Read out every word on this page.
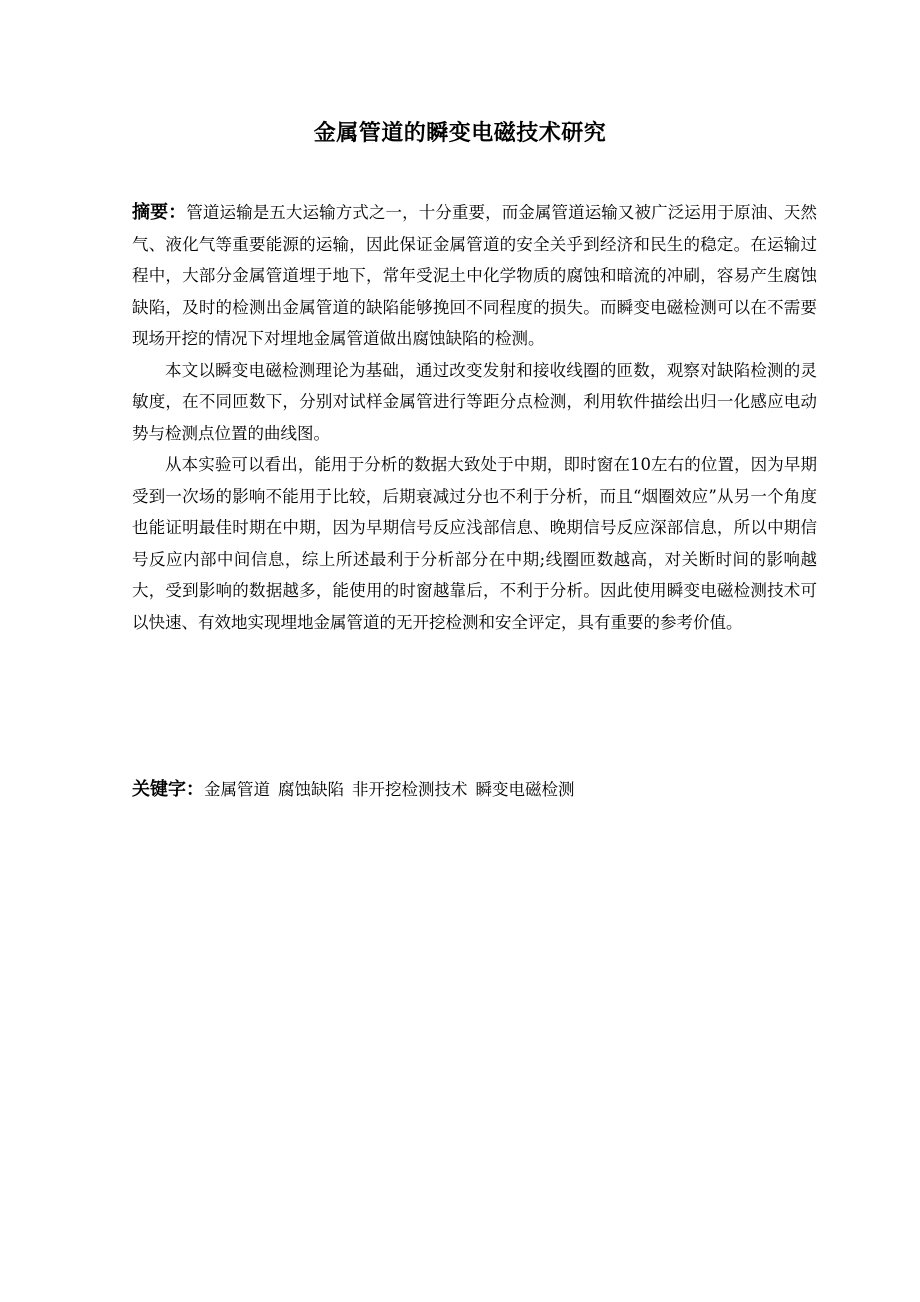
金属管道的瞬变电磁技术研究

摘要：管道运输是五大运输方式之一，十分重要，而金属管道运输又被广泛运用于原油、天然气、液化气等重要能源的运输，因此保证金属管道的安全关乎到经济和民生的稳定。在运输过程中，大部分金属管道埋于地下，常年受泥土中化学物质的腐蚀和暗流的冲刷，容易产生腐蚀缺陷，及时的检测出金属管道的缺陷能够挽回不同程度的损失。而瞬变电磁检测可以在不需要现场开挖的情况下对埋地金属管道做出腐蚀缺陷的检测。

本文以瞬变电磁检测理论为基础，通过改变发射和接收线圈的匝数，观察对缺陷检测的灵敏度，在不同匝数下，分别对试样金属管进行等距分点检测，利用软件描绘出归一化感应电动势与检测点位置的曲线图。

从本实验可以看出，能用于分析的数据大致处于中期，即时窗在10左右的位置，因为早期受到一次场的影响不能用于比较，后期衰减过分也不利于分析，而且“烟圈效应”从另一个角度也能证明最佳时期在中期，因为早期信号反应浅部信息、晚期信号反应深部信息，所以中期信号反应内部中间信息，综上所述最利于分析部分在中期;线圈匝数越高，对关断时间的影响越大，受到影响的数据越多，能使用的时窗越靠后，不利于分析。因此使用瞬变电磁检测技术可以快速、有效地实现埋地金属管道的无开挖检测和安全评定，具有重要的参考价值。

关键字：金属管道 腐蚀缺陷 非开挖检测技术 瞬变电磁检测
